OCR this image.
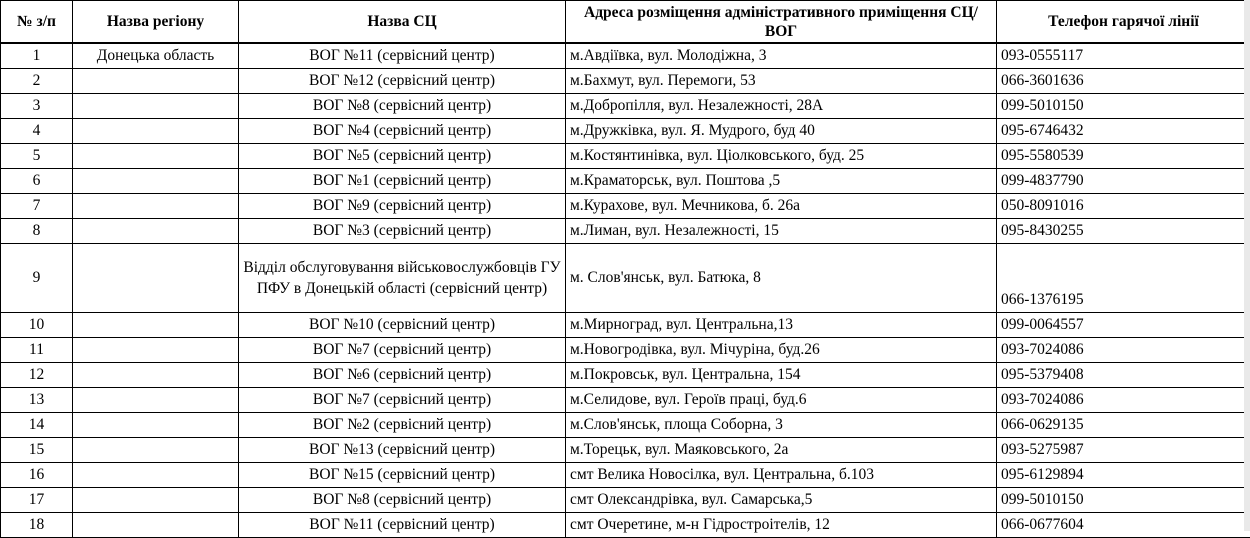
№ з/п	Назва регіону	Назва СЦ	Адреса розміщення адміністративного приміщення СЦ/ВОГ	Телефон гарячої лінії
1	Донецька область	ВОГ №11 (сервісний центр)	м.Авдіївка, вул. Молодіжна, 3	093-0555117
2		ВОГ №12 (сервісний центр)	м.Бахмут, вул. Перемоги, 53	066-3601636
3		ВОГ №8 (сервісний центр)	м.Добропілля, вул. Незалежності, 28А	099-5010150
4		ВОГ №4 (сервісний центр)	м.Дружківка, вул. Я. Мудрого, буд 40	095-6746432
5		ВОГ №5 (сервісний центр)	м.Костянтинівка, вул. Ціолковського, буд. 25	095-5580539
6		ВОГ №1 (сервісний центр)	м.Краматорськ, вул. Поштова ,5	099-4837790
7		ВОГ №9 (сервісний центр)	м.Курахове, вул. Мечникова, б. 26а	050-8091016
8		ВОГ №3 (сервісний центр)	м.Лиман, вул. Незалежності, 15	095-8430255
9		Відділ обслуговування військовослужбовців ГУ ПФУ в Донецькій області (сервісний центр)	м. Слов'янськ, вул. Батюка, 8	066-1376195
10		ВОГ №10 (сервісний центр)	м.Мирноград, вул. Центральна,13	099-0064557
11		ВОГ №7 (сервісний центр)	м.Новогродівка, вул. Мічуріна, буд.26	093-7024086
12		ВОГ №6 (сервісний центр)	м.Покровськ, вул. Центральна, 154	095-5379408
13		ВОГ №7 (сервісний центр)	м.Селидове, вул. Героїв праці, буд.6	093-7024086
14		ВОГ №2 (сервісний центр)	м.Слов'янськ, площа Соборна, 3	066-0629135
15		ВОГ №13 (сервісний центр)	м.Торецьк, вул. Маяковського, 2а	093-5275987
16		ВОГ №15 (сервісний центр)	смт Велика Новосілка, вул. Центральна, б.103	095-6129894
17		ВОГ №8 (сервісний центр)	смт Олександрівка, вул. Самарська,5	099-5010150
18		ВОГ №11 (сервісний центр)	смт Очеретине, м-н Гідростроітелів, 12	066-0677604
